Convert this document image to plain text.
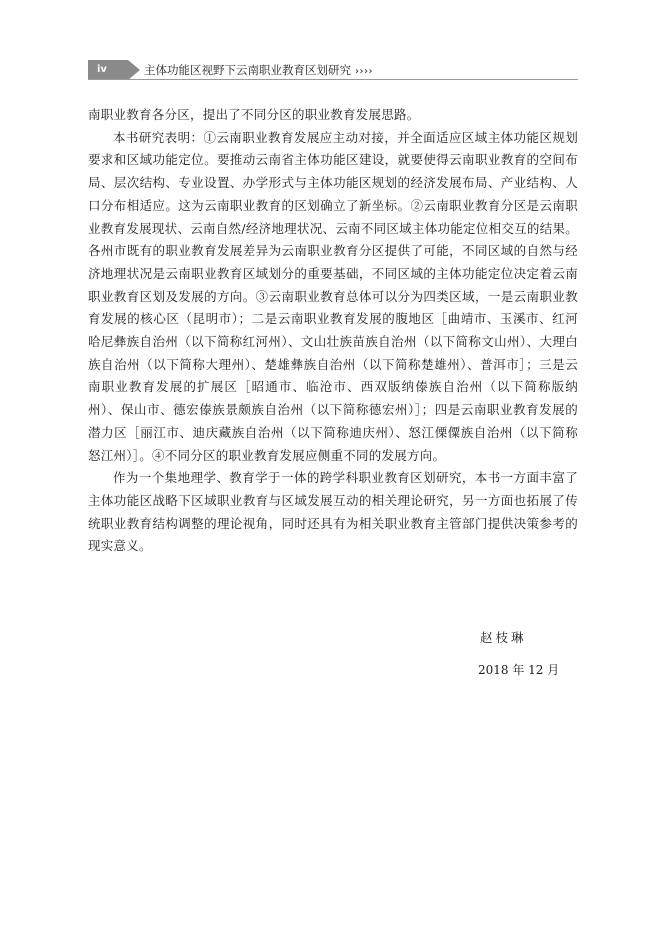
iv	主体功能区视野下云南职业教育区划研究 ››››

南职业教育各分区，提出了不同分区的职业教育发展思路。

本书研究表明：①云南职业教育发展应主动对接，并全面适应区域主体功能区规划要求和区域功能定位。要推动云南省主体功能区建设，就要使得云南职业教育的空间布局、层次结构、专业设置、办学形式与主体功能区规划的经济发展布局、产业结构、人口分布相适应。这为云南职业教育的区划确立了新坐标。②云南职业教育分区是云南职业教育发展现状、云南自然/经济地理状况、云南不同区域主体功能定位相交互的结果。各州市既有的职业教育发展差异为云南职业教育分区提供了可能，不同区域的自然与经济地理状况是云南职业教育区域划分的重要基础，不同区域的主体功能定位决定着云南职业教育区划及发展的方向。③云南职业教育总体可以分为四类区域，一是云南职业教育发展的核心区（昆明市）；二是云南职业教育发展的腹地区［曲靖市、玉溪市、红河哈尼彝族自治州（以下简称红河州）、文山壮族苗族自治州（以下简称文山州）、大理白族自治州（以下简称大理州）、楚雄彝族自治州（以下简称楚雄州）、普洱市］；三是云南职业教育发展的扩展区［昭通市、临沧市、西双版纳傣族自治州（以下简称版纳州）、保山市、德宏傣族景颇族自治州（以下简称德宏州）］；四是云南职业教育发展的潜力区［丽江市、迪庆藏族自治州（以下简称迪庆州）、怒江傈僳族自治州（以下简称怒江州）］。④不同分区的职业教育发展应侧重不同的发展方向。

作为一个集地理学、教育学于一体的跨学科职业教育区划研究，本书一方面丰富了主体功能区战略下区域职业教育与区域发展互动的相关理论研究，另一方面也拓展了传统职业教育结构调整的理论视角，同时还具有为相关职业教育主管部门提供决策参考的现实意义。

赵枝琳
2018 年 12 月
